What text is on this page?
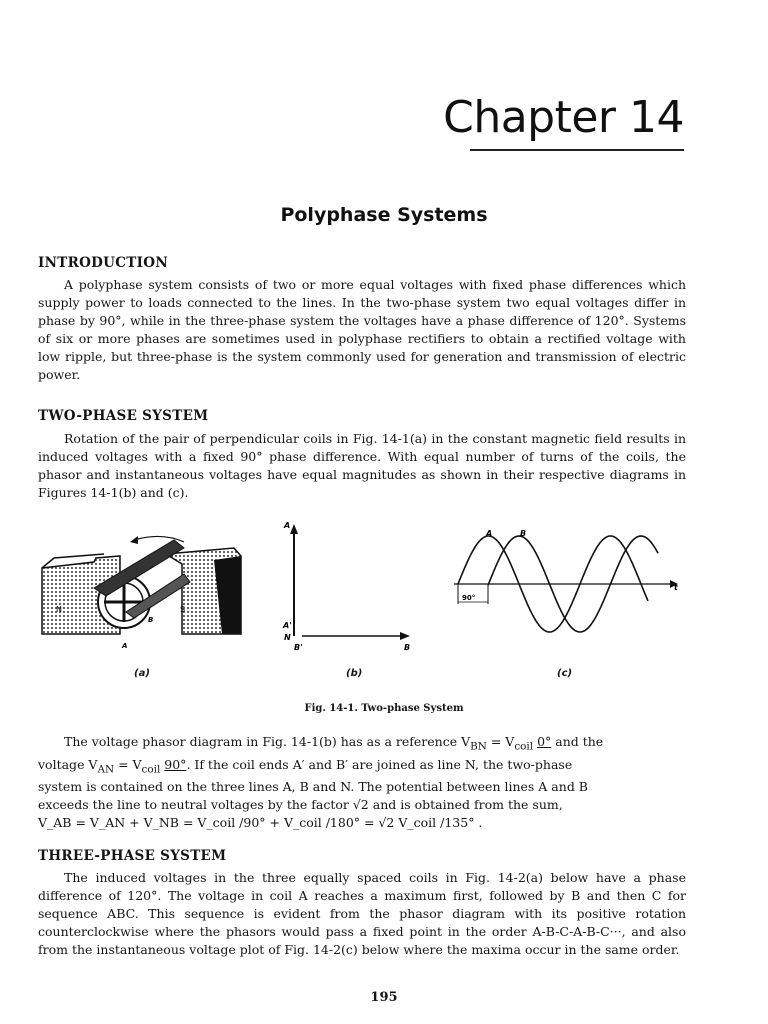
Chapter 14
Polyphase Systems
INTRODUCTION
A polyphase system consists of two or more equal voltages with fixed phase differences which supply power to loads connected to the lines. In the two-phase system two equal voltages differ in phase by 90°, while in the three-phase system the voltages have a phase difference of 120°. Systems of six or more phases are sometimes used in polyphase rectifiers to obtain a rectified voltage with low ripple, but three-phase is the system commonly used for generation and transmission of electric power.
TWO-PHASE SYSTEM
Rotation of the pair of perpendicular coils in Fig. 14-1(a) in the constant magnetic field results in induced voltages with a fixed 90° phase difference. With equal number of turns of the coils, the phasor and instantaneous voltages have equal magnitudes as shown in their respective diagrams in Figures 14-1(b) and (c).
N	S
A
B
A
A'
N
B'	B
90°
A	B
t
(a)	(b)	(c)
Fig. 14-1. Two-phase System
The voltage phasor diagram in Fig. 14-1(b) has as a reference $V_{BN} = V_{coil}$ 0° and the
voltage $V_{AN} = V_{coil}$ 90°. If the coil ends A′ and B′ are joined as line N, the two-phase
system is contained on the three lines A, B and N. The potential between lines A and B
exceeds the line to neutral voltages by the factor √2 and is obtained from the sum,
V_AB = V_AN + V_NB = V_coil /90° + V_coil /180° = √2 V_coil /135° .
THREE-PHASE SYSTEM
The induced voltages in the three equally spaced coils in Fig. 14-2(a) below have a phase difference of 120°. The voltage in coil A reaches a maximum first, followed by B and then C for sequence ABC. This sequence is evident from the phasor diagram with its positive rotation counterclockwise where the phasors would pass a fixed point in the order A-B-C-A-B-C···, and also from the instantaneous voltage plot of Fig. 14-2(c) below where the maxima occur in the same order.
195
